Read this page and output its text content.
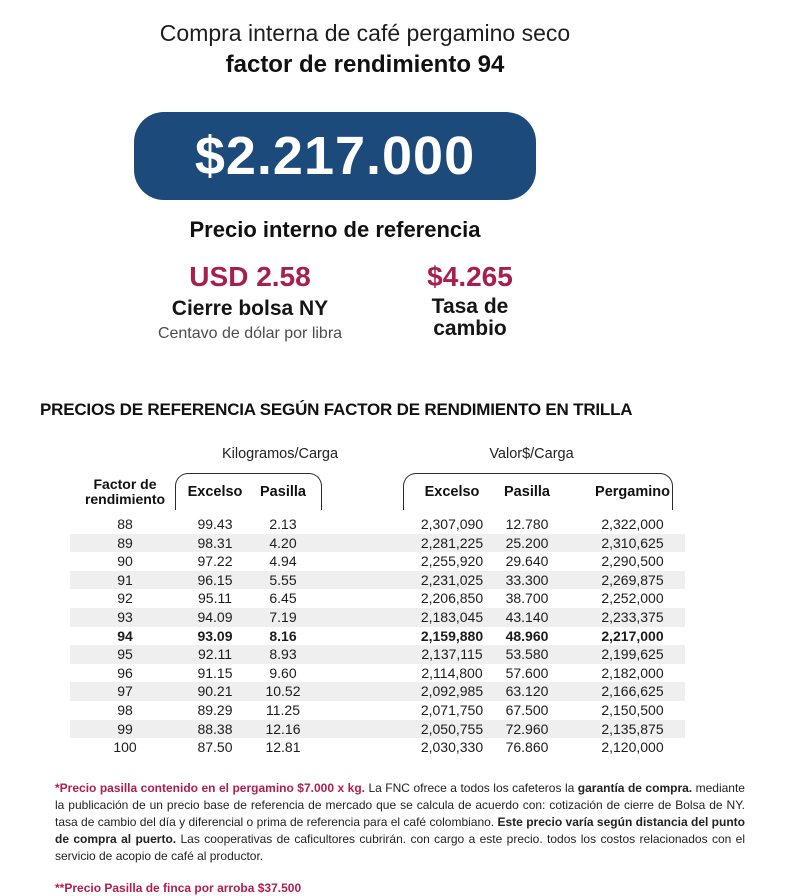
Compra interna de café pergamino seco
factor de rendimiento 94
$2.217.000
Precio interno de referencia
USD 2.58
Cierre bolsa NY
Centavo de dólar por libra
$4.265
Tasa de cambio
PRECIOS DE REFERENCIA SEGÚN FACTOR DE RENDIMIENTO EN TRILLA
Kilogramos/Carga	Valor$/Carga
Factor de
rendimiento	Excelso	Pasilla	Excelso	Pasilla	Pergamino
88	99.43	2.13	2,307,090	12.780	2,322,000
89	98.31	4.20	2,281,225	25.200	2,310,625
90	97.22	4.94	2,255,920	29.640	2,290,500
91	96.15	5.55	2,231,025	33.300	2,269,875
92	95.11	6.45	2,206,850	38.700	2,252,000
93	94.09	7.19	2,183,045	43.140	2,233,375
94	93.09	8.16	2,159,880	48.960	2,217,000
95	92.11	8.93	2,137,115	53.580	2,199,625
96	91.15	9.60	2,114,800	57.600	2,182,000
97	90.21	10.52	2,092,985	63.120	2,166,625
98	89.29	11.25	2,071,750	67.500	2,150,500
99	88.38	12.16	2,050,755	72.960	2,135,875
100	87.50	12.81	2,030,330	76.860	2,120,000

*Precio pasilla contenido en el pergamino $7.000 x kg. La FNC ofrece a todos los cafeteros la garantía de compra. mediante la publicación de un precio base de referencia de mercado que se calcula de acuerdo con: cotización de cierre de Bolsa de NY. tasa de cambio del día y diferencial o prima de referencia para el café colombiano. Este precio varía según distancia del punto de compra al puerto. Las cooperativas de caficultores cubrirán. con cargo a este precio. todos los costos relacionados con el servicio de acopio de café al productor.

**Precio Pasilla de finca por arroba $37.500
